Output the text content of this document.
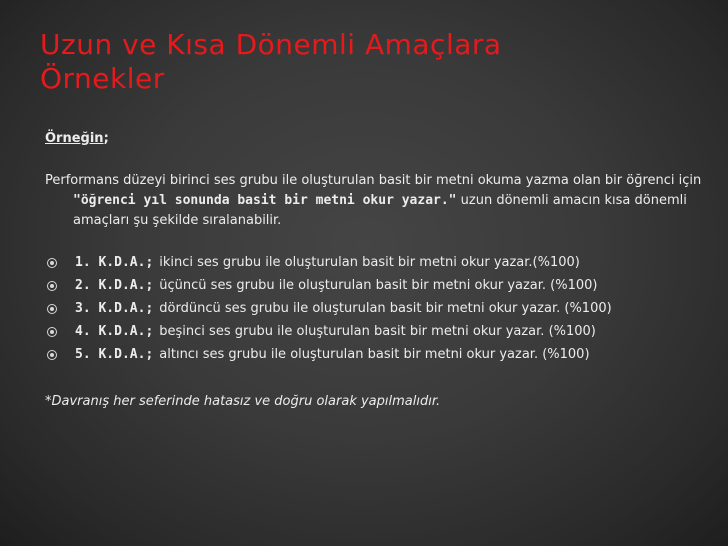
Uzun ve Kısa Dönemli Amaçlara
Örnekler
Örneğin;
Performans düzeyi birinci ses grubu ile oluşturulan basit bir metni okuma yazma olan bir öğrenci için "öğrenci yıl sonunda basit bir metni okur yazar." uzun dönemli amacın kısa dönemli amaçları şu şekilde sıralanabilir.
1. K.D.A.; ikinci ses grubu ile oluşturulan basit bir metni okur yazar.(%100)
2. K.D.A.; üçüncü ses grubu ile oluşturulan basit bir metni okur yazar. (%100)
3. K.D.A.; dördüncü ses grubu ile oluşturulan basit bir metni okur yazar. (%100)
4. K.D.A.; beşinci ses grubu ile oluşturulan basit bir metni okur yazar. (%100)
5. K.D.A.; altıncı ses grubu ile oluşturulan basit bir metni okur yazar. (%100)
*Davranış her seferinde hatasız ve doğru olarak yapılmalıdır.
